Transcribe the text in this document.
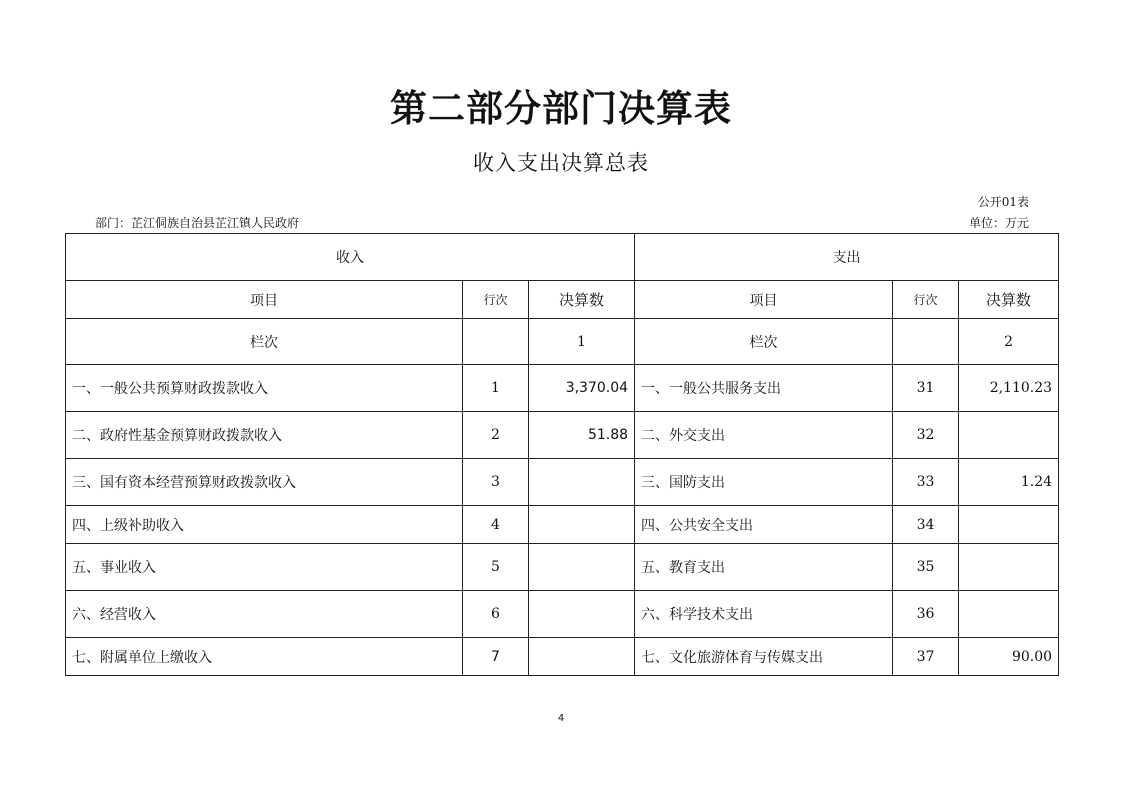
第二部分部门决算表
收入支出决算总表
公开01表
部门：芷江侗族自治县芷江镇人民政府	单位：万元
收入			支出		
项目	行次	决算数	项目	行次	决算数
栏次		1	栏次		2
一、一般公共预算财政拨款收入	1	3,370.04	一、一般公共服务支出	31	2,110.23
二、政府性基金预算财政拨款收入	2	51.88	二、外交支出	32	
三、国有资本经营预算财政拨款收入	3		三、国防支出	33	1.24
四、上级补助收入	4		四、公共安全支出	34	
五、事业收入	5		五、教育支出	35	
六、经营收入	6		六、科学技术支出	36	
七、附属单位上缴收入	7		七、文化旅游体育与传媒支出	37	90.00
4
